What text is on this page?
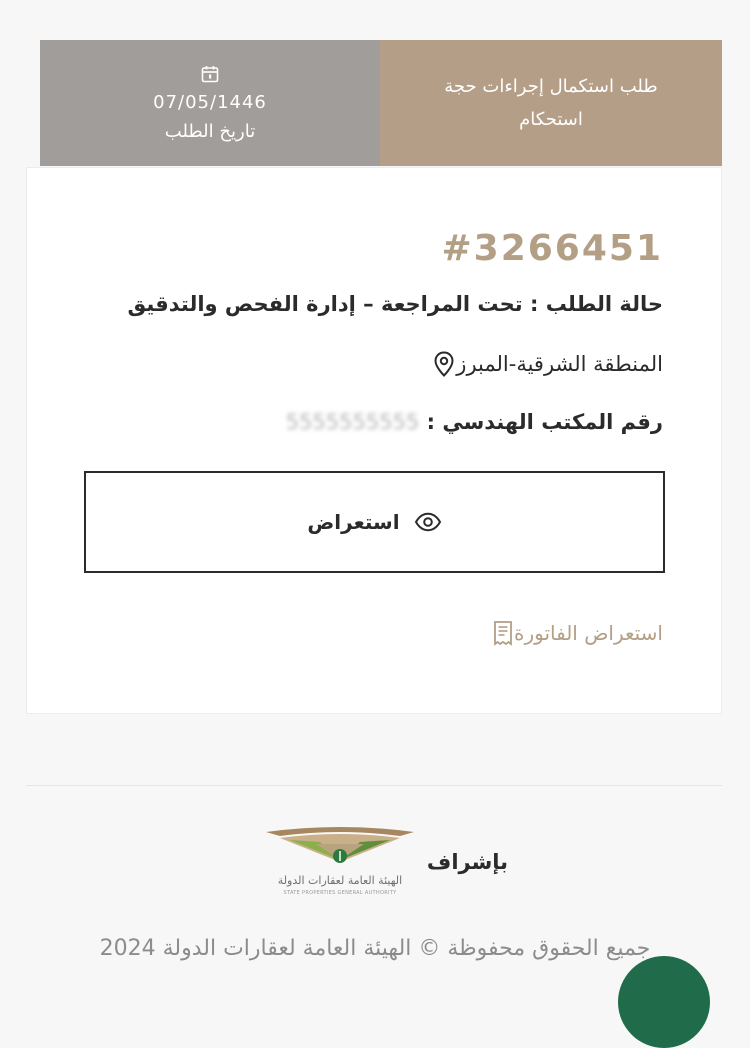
07/05/1446
تاريخ الطلب
طلب استكمال إجراءات حجة استحكام
#3266451
حالة الطلب : تحت المراجعة – إدارة الفحص والتدقيق
المنطقة الشرقية-المبرز
رقم المكتب الهندسي : 5555555555
استعراض
استعراض الفاتورة
الهيئة العامة لعقارات الدولة
STATE PROPERTIES GENERAL AUTHORITY
بإشراف
جميع الحقوق محفوظة © الهيئة العامة لعقارات الدولة 2024
